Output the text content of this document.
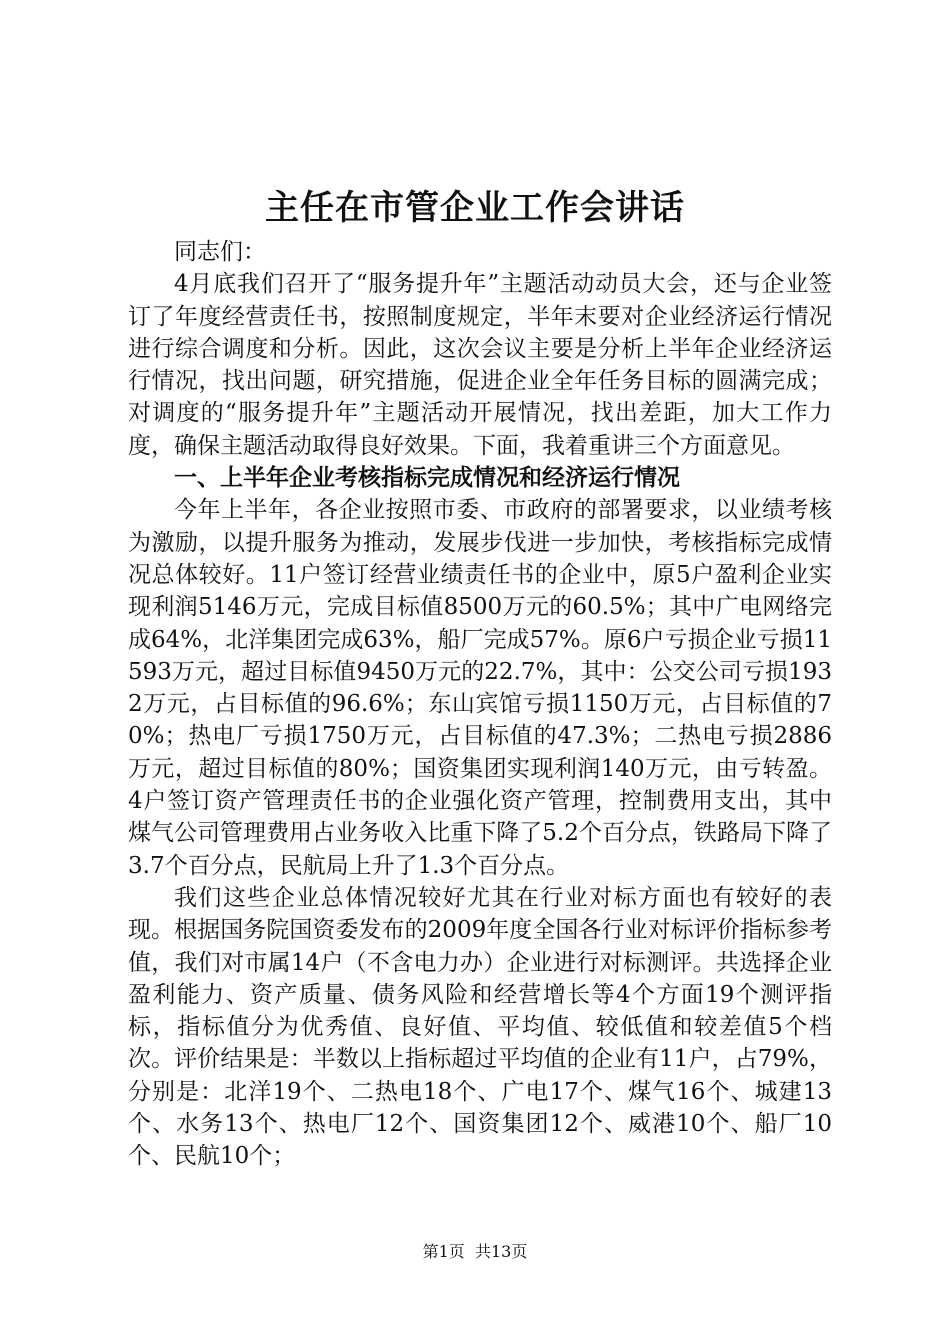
主任在市管企业工作会讲话

同志们：

4月底我们召开了“服务提升年”主题活动动员大会，还与企业签订了年度经营责任书，按照制度规定，半年末要对企业经济运行情况进行综合调度和分析。因此，这次会议主要是分析上半年企业经济运行情况，找出问题，研究措施，促进企业全年任务目标的圆满完成；对调度的“服务提升年”主题活动开展情况，找出差距，加大工作力度，确保主题活动取得良好效果。下面，我着重讲三个方面意见。

一、上半年企业考核指标完成情况和经济运行情况

今年上半年，各企业按照市委、市政府的部署要求，以业绩考核为激励，以提升服务为推动，发展步伐进一步加快，考核指标完成情况总体较好。11户签订经营业绩责任书的企业中，原5户盈利企业实现利润5146万元，完成目标值8500万元的60.5%；其中广电网络完成64%，北洋集团完成63%，船厂完成57%。原6户亏损企业亏损11593万元，超过目标值9450万元的22.7%，其中：公交公司亏损1932万元，占目标值的96.6%；东山宾馆亏损1150万元，占目标值的70%；热电厂亏损1750万元，占目标值的47.3%；二热电亏损2886万元，超过目标值的80%；国资集团实现利润140万元，由亏转盈。4户签订资产管理责任书的企业强化资产管理，控制费用支出，其中煤气公司管理费用占业务收入比重下降了5.2个百分点，铁路局下降了3.7个百分点，民航局上升了1.3个百分点。

我们这些企业总体情况较好尤其在行业对标方面也有较好的表现。根据国务院国资委发布的2009年度全国各行业对标评价指标参考值，我们对市属14户（不含电力办）企业进行对标测评。共选择企业盈利能力、资产质量、债务风险和经营增长等4个方面19个测评指标，指标值分为优秀值、良好值、平均值、较低值和较差值5个档次。评价结果是：半数以上指标超过平均值的企业有11户，占79%，分别是：北洋19个、二热电18个、广电17个、煤气16个、城建13个、水务13个、热电厂12个、国资集团12个、威港10个、船厂10个、民航10个；

第1页 共13页
